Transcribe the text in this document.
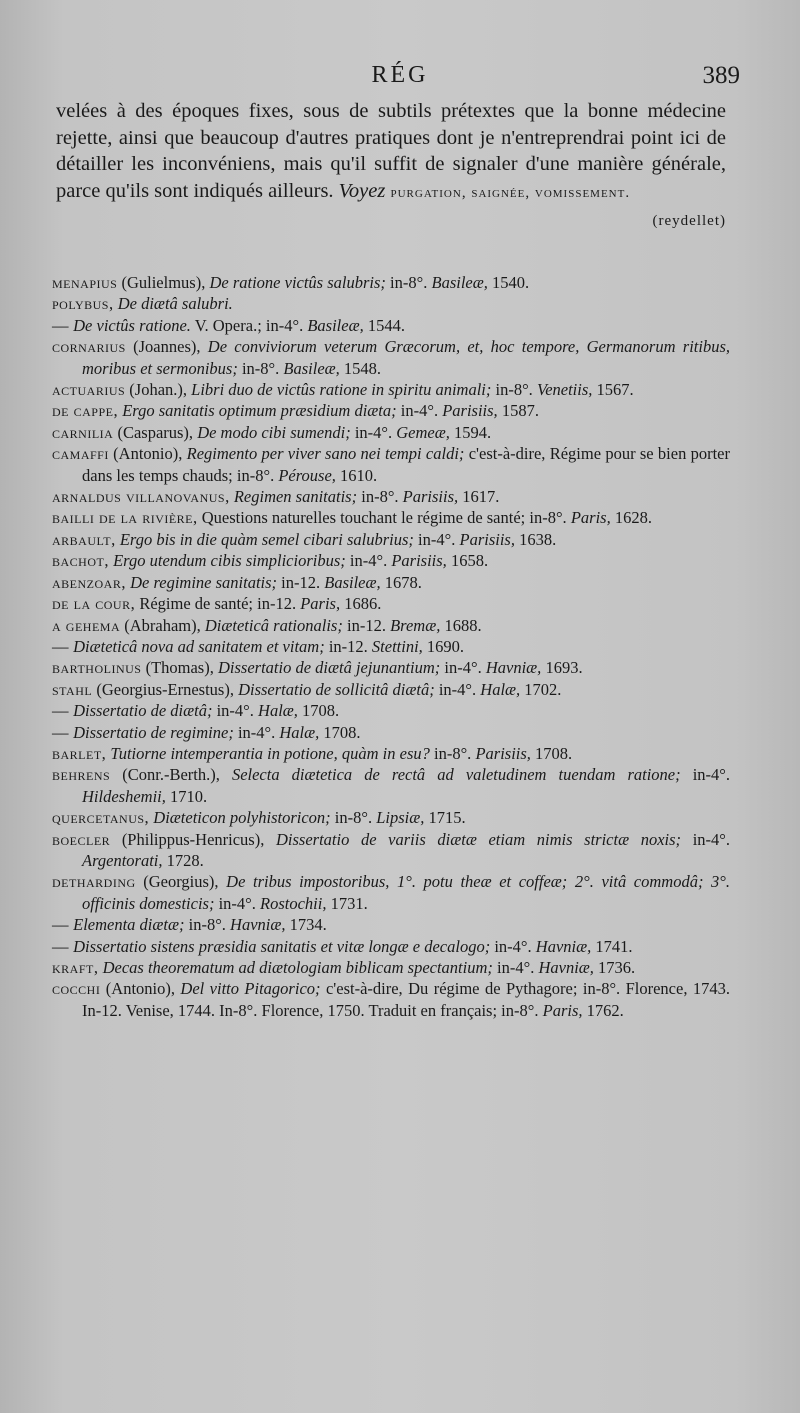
RÉG	389
velées à des époques fixes, sous de subtils prétextes que la bonne médecine rejette, ainsi que beaucoup d'autres pratiques dont je n'entreprendrai point ici de détailler les inconvéniens, mais qu'il suffit de signaler d'une manière générale, parce qu'ils sont indiqués ailleurs. Voyez purgation, saignée, vomissement.
(reydellet)
menapius (Gulielmus), De ratione victûs salubris; in-8°. Basileæ, 1540.
polybus, De diætâ salubri.
— De victûs ratione. V. Opera.; in-4°. Basileæ, 1544.
cornarius (Joannes), De conviviorum veterum Græcorum, et, hoc tempore, Germanorum ritibus, moribus et sermonibus; in-8°. Basileæ, 1548.
actuarius (Johan.), Libri duo de victûs ratione in spiritu animali; in-8°. Venetiis, 1567.
de cappe, Ergo sanitatis optimum præsidium diæta; in-4°. Parisiis, 1587.
carnilia (Casparus), De modo cibi sumendi; in-4°. Gemeæ, 1594.
camaffi (Antonio), Regimento per viver sano nei tempi caldi; c'est-à-dire, Régime pour se bien porter dans les temps chauds; in-8°. Pérouse, 1610.
arnaldus villanovanus, Regimen sanitatis; in-8°. Parisiis, 1617.
bailli de la rivière, Questions naturelles touchant le régime de santé; in-8°. Paris, 1628.
arbault, Ergo bis in die quàm semel cibari salubrius; in-4°. Parisiis, 1638.
bachot, Ergo utendum cibis simplicioribus; in-4°. Parisiis, 1658.
abenzoar, De regimine sanitatis; in-12. Basileæ, 1678.
de la cour, Régime de santé; in-12. Paris, 1686.
a gehema (Abraham), Diæteticâ rationalis; in-12. Bremæ, 1688.
— Diæteticâ nova ad sanitatem et vitam; in-12. Stettini, 1690.
bartholinus (Thomas), Dissertatio de diætâ jejunantium; in-4°. Havniæ, 1693.
stahl (Georgius-Ernestus), Dissertatio de sollicitâ diætâ; in-4°. Halæ, 1702.
— Dissertatio de diætâ; in-4°. Halæ, 1708.
— Dissertatio de regimine; in-4°. Halæ, 1708.
barlet, Tutiorne intemperantia in potione, quàm in esu? in-8°. Parisiis, 1708.
behrens (Conr.-Berth.), Selecta diætetica de rectâ ad valetudinem tuendam ratione; in-4°. Hildeshemii, 1710.
quercetanus, Diæteticon polyhistoricon; in-8°. Lipsiæ, 1715.
boecler (Philippus-Henricus), Dissertatio de variis diætæ etiam nimis strictæ noxis; in-4°. Argentorati, 1728.
detharding (Georgius), De tribus impostoribus, 1°. potu theæ et coffeæ; 2°. vitâ commodâ; 3°. officinis domesticis; in-4°. Rostochii, 1731.
— Elementa diætæ; in-8°. Havniæ, 1734.
— Dissertatio sistens præsidia sanitatis et vitæ longæ e decalogo; in-4°. Havniæ, 1741.
kraft, Decas theorematum ad diætologiam biblicam spectantium; in-4°. Havniæ, 1736.
cocchi (Antonio), Del vitto Pitagorico; c'est-à-dire, Du régime de Pythagore; in-8°. Florence, 1743. In-12. Venise, 1744. In-8°. Florence, 1750. Traduit en français; in-8°. Paris, 1762.
